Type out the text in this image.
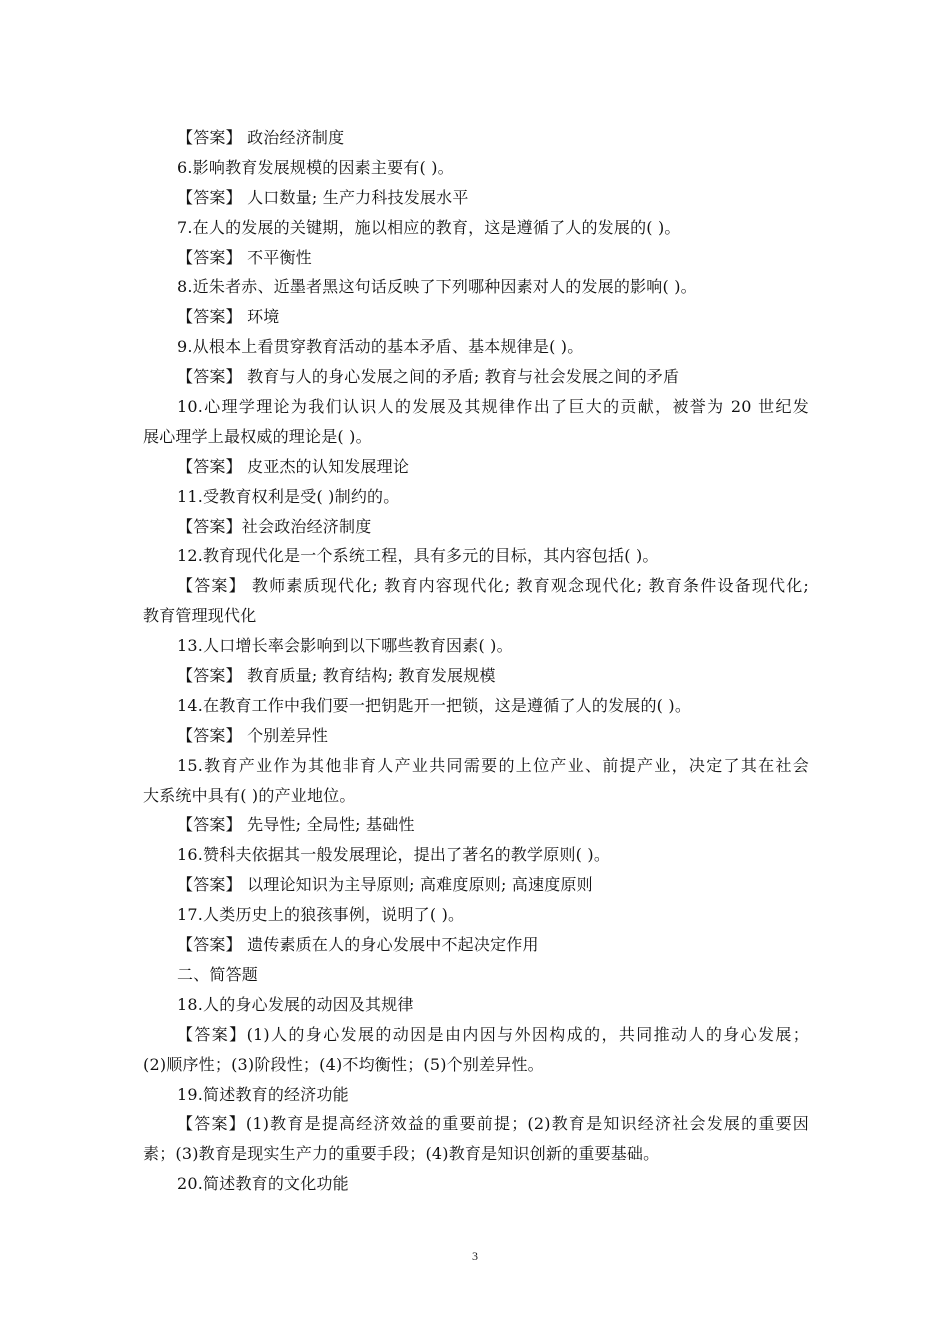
【答案】 政治经济制度
6.影响教育发展规模的因素主要有( )。
【答案】 人口数量; 生产力科技发展水平
7.在人的发展的关键期，施以相应的教育，这是遵循了人的发展的( )。
【答案】 不平衡性
8.近朱者赤、近墨者黑这句话反映了下列哪种因素对人的发展的影响( )。
【答案】 环境
9.从根本上看贯穿教育活动的基本矛盾、基本规律是( )。
【答案】 教育与人的身心发展之间的矛盾; 教育与社会发展之间的矛盾
10.心理学理论为我们认识人的发展及其规律作出了巨大的贡献，被誉为 20 世纪发
展心理学上最权威的理论是( )。
【答案】 皮亚杰的认知发展理论
11.受教育权利是受( )制约的。
【答案】社会政治经济制度
12.教育现代化是一个系统工程，具有多元的目标，其内容包括( )。
【答案】 教师素质现代化; 教育内容现代化; 教育观念现代化; 教育条件设备现代化;
教育管理现代化
13.人口增长率会影响到以下哪些教育因素( )。
【答案】 教育质量; 教育结构; 教育发展规模
14.在教育工作中我们要一把钥匙开一把锁，这是遵循了人的发展的( )。
【答案】 个别差异性
15.教育产业作为其他非育人产业共同需要的上位产业、前提产业，决定了其在社会
大系统中具有( )的产业地位。
【答案】 先导性; 全局性; 基础性
16.赞科夫依据其一般发展理论，提出了著名的教学原则( )。
【答案】 以理论知识为主导原则; 高难度原则; 高速度原则
17.人类历史上的狼孩事例，说明了( )。
【答案】 遗传素质在人的身心发展中不起决定作用
二、简答题
18.人的身心发展的动因及其规律
【答案】(1)人的身心发展的动因是由内因与外因构成的，共同推动人的身心发展；
(2)顺序性；(3)阶段性；(4)不均衡性；(5)个别差异性。
19.简述教育的经济功能
【答案】(1)教育是提高经济效益的重要前提；(2)教育是知识经济社会发展的重要因
素；(3)教育是现实生产力的重要手段；(4)教育是知识创新的重要基础。
20.简述教育的文化功能
3
